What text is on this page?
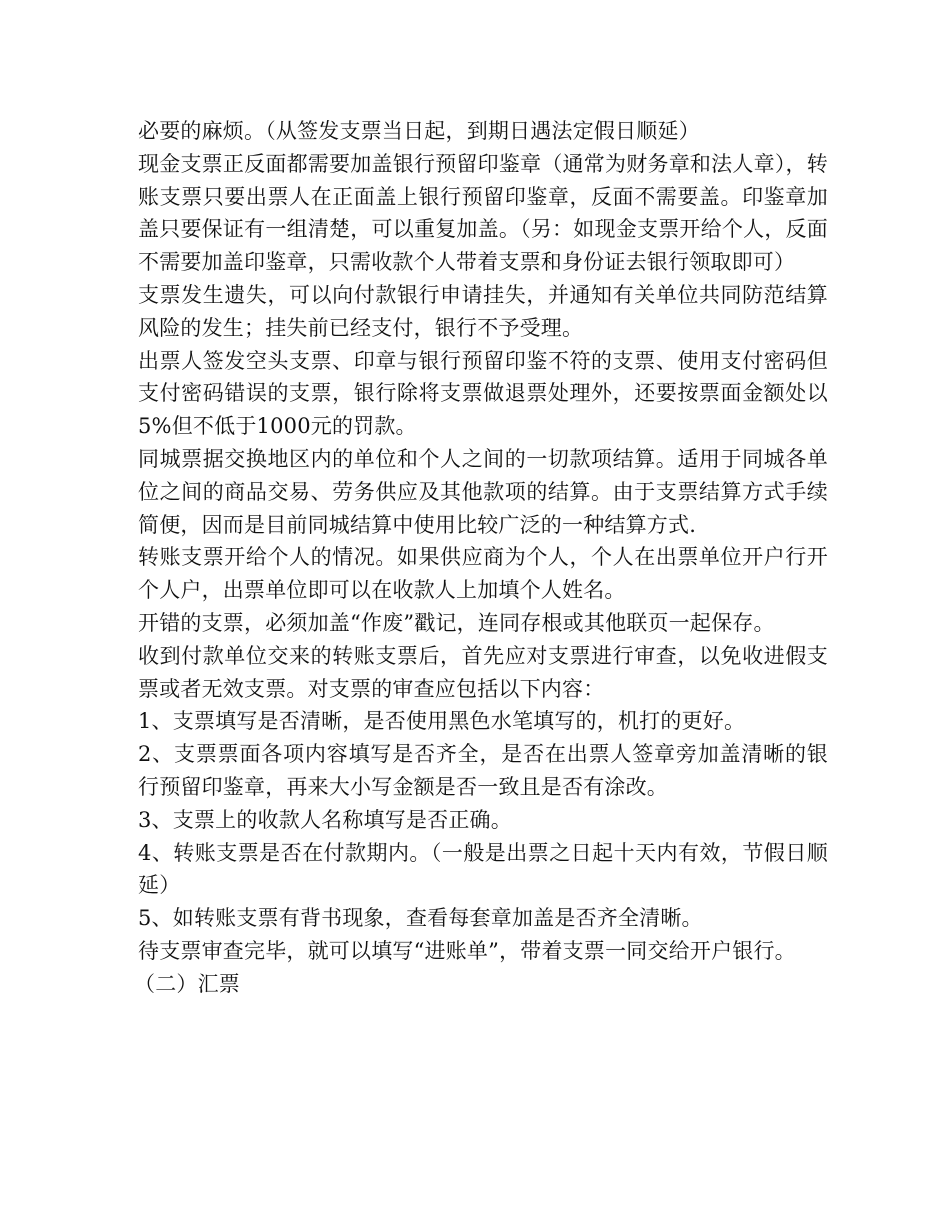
必要的麻烦。（从签发支票当日起，到期日遇法定假日顺延）

现金支票正反面都需要加盖银行预留印鉴章（通常为财务章和法人章），转账支票只要出票人在正面盖上银行预留印鉴章，反面不需要盖。印鉴章加盖只要保证有一组清楚，可以重复加盖。（另：如现金支票开给个人，反面不需要加盖印鉴章，只需收款个人带着支票和身份证去银行领取即可）

支票发生遗失，可以向付款银行申请挂失，并通知有关单位共同防范结算风险的发生；挂失前已经支付，银行不予受理。

出票人签发空头支票、印章与银行预留印鉴不符的支票、使用支付密码但支付密码错误的支票，银行除将支票做退票处理外，还要按票面金额处以5%但不低于1000元的罚款。

同城票据交换地区内的单位和个人之间的一切款项结算。适用于同城各单位之间的商品交易、劳务供应及其他款项的结算。由于支票结算方式手续简便，因而是目前同城结算中使用比较广泛的一种结算方式.

转账支票开给个人的情况。如果供应商为个人，个人在出票单位开户行开个人户，出票单位即可以在收款人上加填个人姓名。

开错的支票，必须加盖“作废”戳记，连同存根或其他联页一起保存。

收到付款单位交来的转账支票后，首先应对支票进行审查，以免收进假支票或者无效支票。对支票的审查应包括以下内容：

1、支票填写是否清晰，是否使用黑色水笔填写的，机打的更好。

2、支票票面各项内容填写是否齐全，是否在出票人签章旁加盖清晰的银行预留印鉴章，再来大小写金额是否一致且是否有涂改。

3、支票上的收款人名称填写是否正确。

4、转账支票是否在付款期内。（一般是出票之日起十天内有效，节假日顺延）

5、如转账支票有背书现象，查看每套章加盖是否齐全清晰。

待支票审查完毕，就可以填写“进账单”，带着支票一同交给开户银行。

（二）汇票
